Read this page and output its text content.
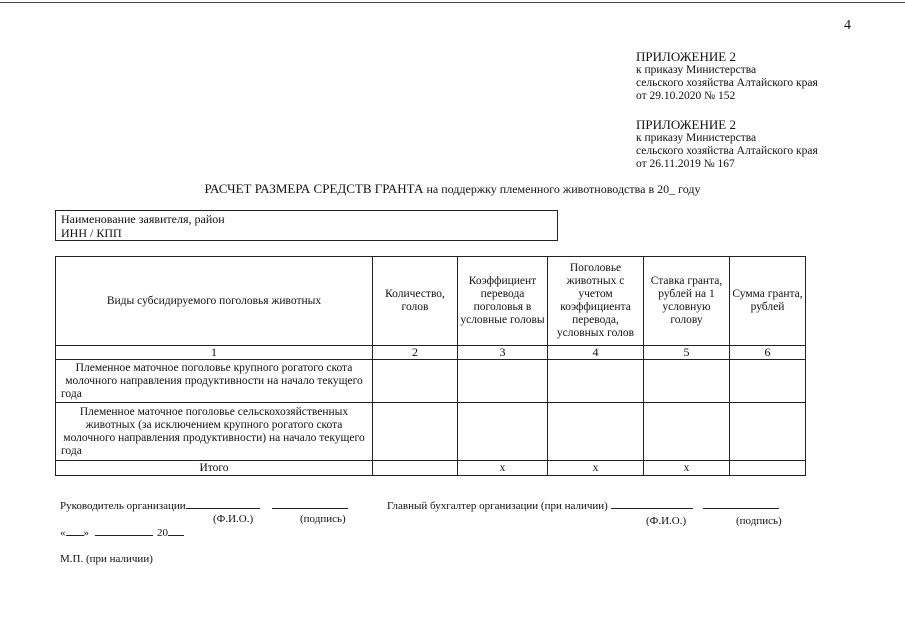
4
ПРИЛОЖЕНИЕ 2
к приказу Министерства
сельского хозяйства Алтайского края
от 29.10.2020 № 152
ПРИЛОЖЕНИЕ 2
к приказу Министерства
сельского хозяйства Алтайского края
от 26.11.2019 № 167
РАСЧЕТ РАЗМЕРА СРЕДСТВ ГРАНТА на поддержку племенного животноводства в 20_ году
Наименование заявителя, район
ИНН / КПП
Виды субсидируемого поголовья животных	Количество, голов	Коэффициент перевода поголовья в условные головы	Поголовье животных с учетом коэффициента перевода, условных голов	Ставка гранта, рублей на 1 условную голову	Сумма гранта, рублей
1	2	3	4	5	6
Племенное маточное поголовье крупного рогатого скота молочного направления продуктивности на начало текущего года					
Племенное маточное поголовье сельскохозяйственных животных (за исключением крупного рогатого скота молочного направления продуктивности) на начало текущего года					
Итого		x	x	x	
Руководитель организации
(Ф.И.О.)	(подпись)
Главный бухгалтер организации (при наличии)
(Ф.И.О.)	(подпись)
« »	20
М.П. (при наличии)
